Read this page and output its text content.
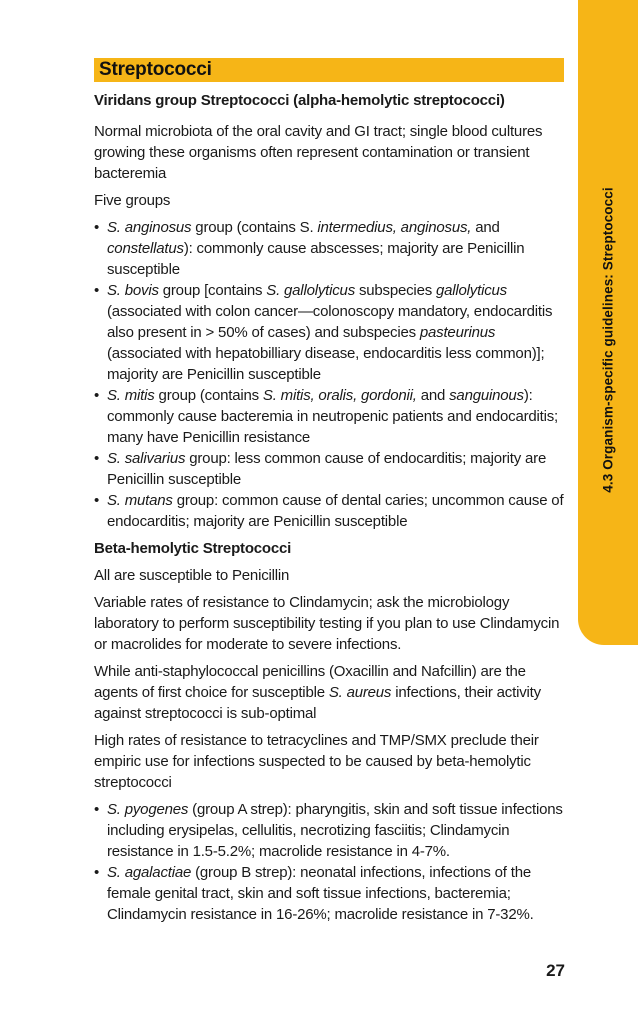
4.3 Organism-specific guidelines: Streptococci
Streptococci
Viridans group Streptococci (alpha-hemolytic streptococci)
Normal microbiota of the oral cavity and GI tract; single blood cultures growing these organisms often represent contamination or transient bacteremia
Five groups
• S. anginosus group (contains S. intermedius, anginosus, and constellatus): commonly cause abscesses; majority are Penicillin susceptible
• S. bovis group [contains S. gallolyticus subspecies gallolyticus (associated with colon cancer—colonoscopy mandatory, endocarditis also present in > 50% of cases) and subspecies pasteurinus (associated with hepatobilliary disease, endocarditis less common)]; majority are Penicillin susceptible
• S. mitis group (contains S. mitis, oralis, gordonii, and sanguinous): commonly cause bacteremia in neutropenic patients and endocarditis; many have Penicillin resistance
• S. salivarius group: less common cause of endocarditis; majority are Penicillin susceptible
• S. mutans group: common cause of dental caries; uncommon cause of endocarditis; majority are Penicillin susceptible
Beta-hemolytic Streptococci
All are susceptible to Penicillin
Variable rates of resistance to Clindamycin; ask the microbiology laboratory to perform susceptibility testing if you plan to use Clindamycin or macrolides for moderate to severe infections.
While anti-staphylococcal penicillins (Oxacillin and Nafcillin) are the agents of first choice for susceptible S. aureus infections, their activity against streptococci is sub-optimal
High rates of resistance to tetracyclines and TMP/SMX preclude their empiric use for infections suspected to be caused by beta-hemolytic streptococci
• S. pyogenes (group A strep): pharyngitis, skin and soft tissue infections including erysipelas, cellulitis, necrotizing fasciitis; Clindamycin resistance in 1.5-5.2%; macrolide resistance in 4-7%.
• S. agalactiae (group B strep): neonatal infections, infections of the female genital tract, skin and soft tissue infections, bacteremia; Clindamycin resistance in 16-26%; macrolide resistance in 7-32%.
27
